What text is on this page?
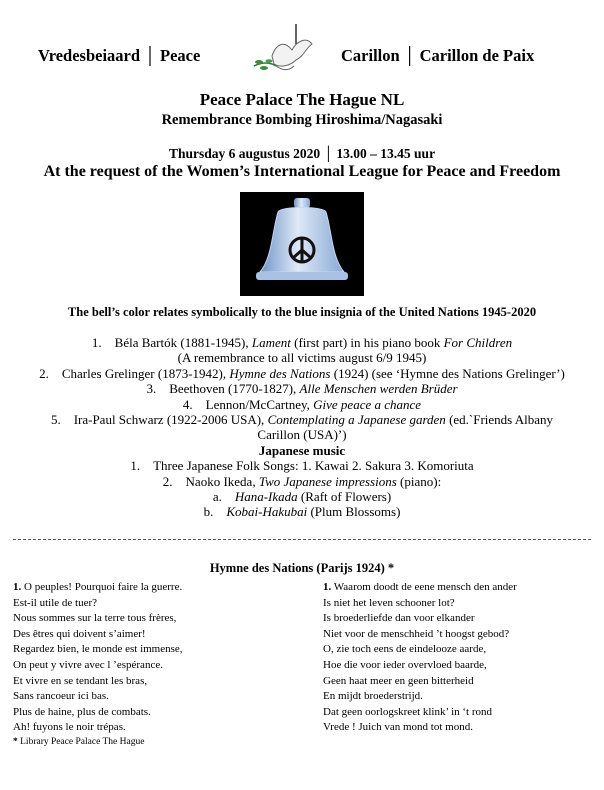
Vredesbeiaard │ Peace	Carillon │ Carillon de Paix
Peace Palace The Hague NL
Remembrance Bombing Hiroshima/Nagasaki
Thursday 6 augustus 2020 │ 13.00 – 13.45 uur
At the request of the Women’s International League for Peace and Freedom
The bell’s color relates symbolically to the blue insignia of the United Nations 1945-2020
1. Béla Bartók (1881-1945), Lament (first part) in his piano book For Children
(A remembrance to all victims august 6/9 1945)
2. Charles Grelinger (1873-1942), Hymne des Nations (1924) (see ‘Hymne des Nations Grelinger’)
3. Beethoven (1770-1827), Alle Menschen werden Brüder
4. Lennon/McCartney, Give peace a chance
5. Ira-Paul Schwarz (1922-2006 USA), Contemplating a Japanese garden (ed.`Friends Albany
Carillon (USA)’)
Japanese music
1. Three Japanese Folk Songs: 1. Kawai 2. Sakura 3. Komoriuta
2. Naoko Ikeda, Two Japanese impressions (piano):
a. Hana-Ikada (Raft of Flowers)
b. Kobai-Hakubai (Plum Blossoms)
Hymne des Nations (Parijs 1924) *
1. O peuples! Pourquoi faire la guerre.
Est-il utile de tuer?
Nous sommes sur la terre tous frères,
Des êtres qui doivent s’aimer!
Regardez bien, le monde est immense,
On peut y vivre avec l ’espérance.
Et vivre en se tendant les bras,
Sans rancoeur ici bas.
Plus de haine, plus de combats.
Ah! fuyons le noir trépas.
1. Waarom doodt de eene mensch den ander
Is niet het leven schooner lot?
Is broederliefde dan voor elkander
Niet voor de menschheid ’t hoogst gebod?
O, zie toch eens de eindelooze aarde,
Hoe die voor ieder overvloed baarde,
Geen haat meer en geen bitterheid
En mijdt broederstrijd.
Dat geen oorlogskreet klink’ in ‘t rond
Vrede ! Juich van mond tot mond.
* Library Peace Palace The Hague
